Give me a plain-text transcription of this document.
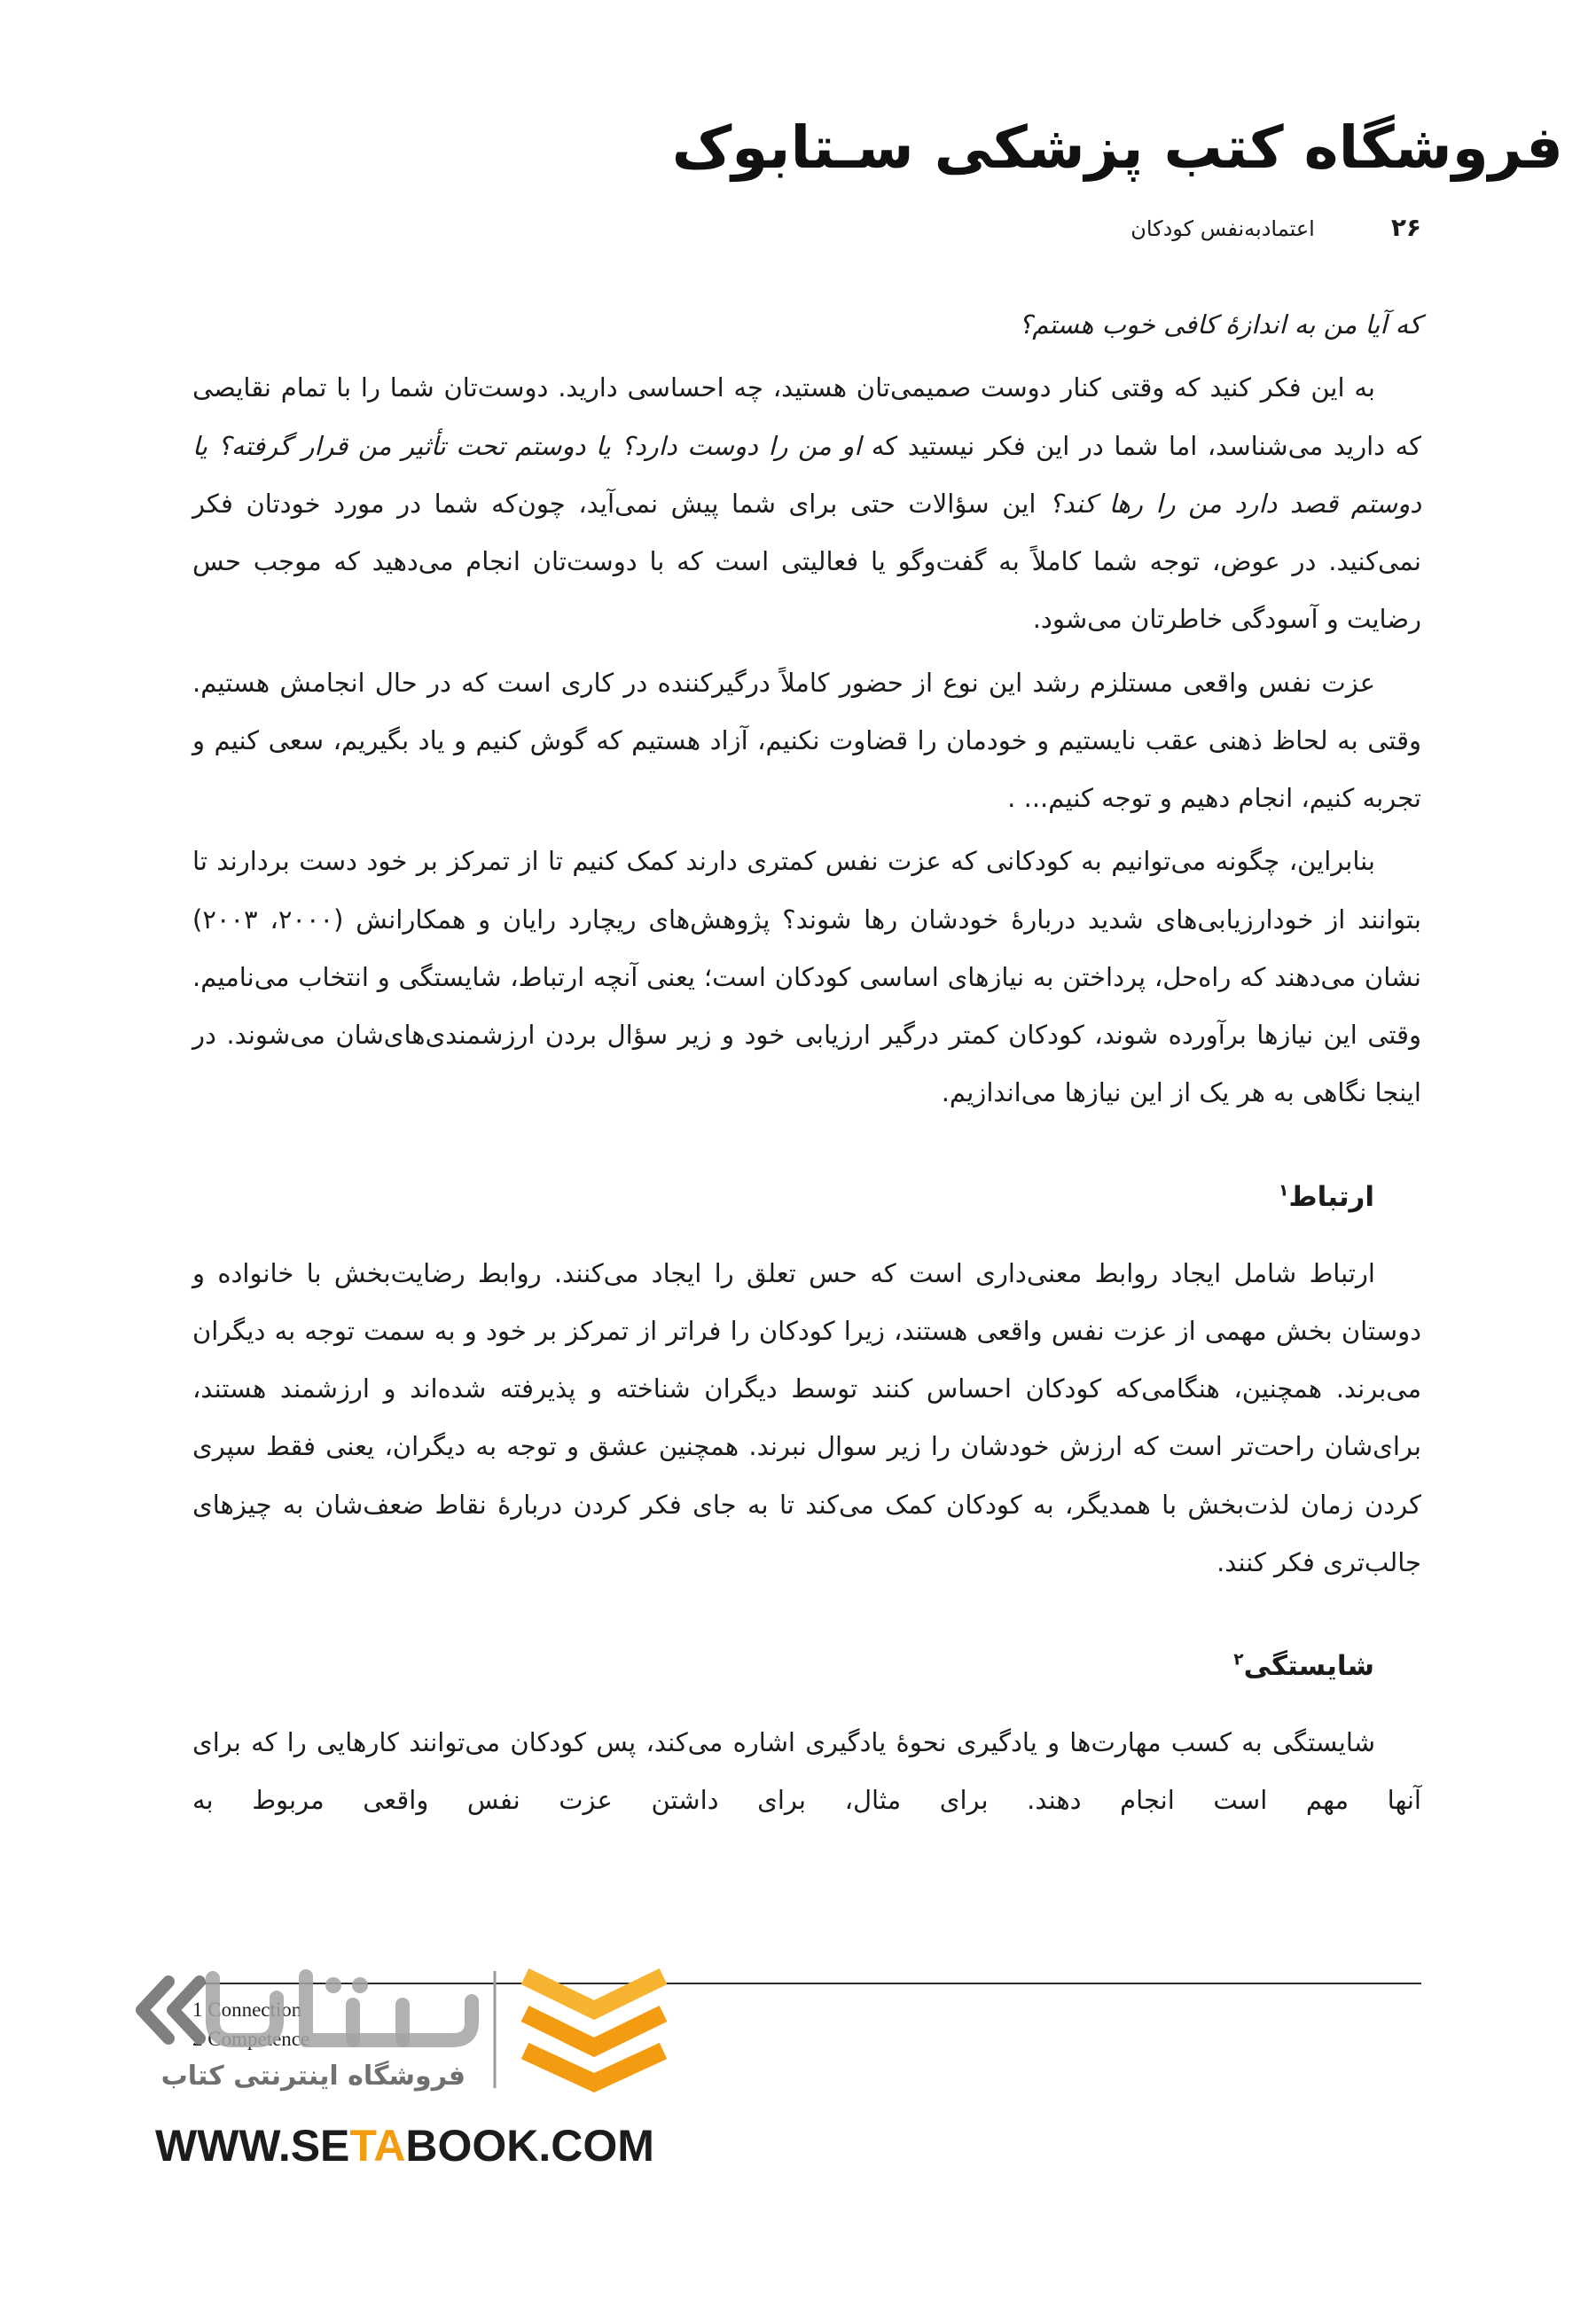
فروشگاه کتب پزشکی سـتابوک
۲۶
اعتمادبه‌نفس کودکان

که آیا من به اندازۀ کافی خوب هستم؟

به این فکر کنید که وقتی کنار دوست صمیمی‌تان هستید، چه احساسی دارید. دوست‌تان شما را با تمام نقایصی که دارید می‌شناسد، اما شما در این فکر نیستید که او من را دوست دارد؟ یا دوستم تحت تأثیر من قرار گرفته؟ یا دوستم قصد دارد من را رها کند؟ این سؤالات حتی برای شما پیش نمی‌آید، چون‌که شما در مورد خودتان فکر نمی‌کنید. در عوض، توجه شما کاملاً به گفت‌وگو یا فعالیتی است که با دوست‌تان انجام می‌دهید که موجب حس رضایت و آسودگی خاطرتان می‌شود.

عزت نفس واقعی مستلزم رشد این نوع از حضور کاملاً درگیرکننده در کاری است که در حال انجامش هستیم. وقتی به لحاظ ذهنی عقب نایستیم و خودمان را قضاوت نکنیم، آزاد هستیم که گوش کنیم و یاد بگیریم، سعی کنیم و تجربه کنیم، انجام دهیم و توجه کنیم... .

بنابراین، چگونه می‌توانیم به کودکانی که عزت نفس کمتری دارند کمک کنیم تا از تمرکز بر خود دست بردارند تا بتوانند از خودارزیابی‌های شدید دربارۀ خودشان رها شوند؟ پژوهش‌های ریچارد رایان و همکارانش (۲۰۰۰، ۲۰۰۳) نشان می‌دهند که راه‌حل، پرداختن به نیازهای اساسی کودکان است؛ یعنی آنچه ارتباط، شایستگی و انتخاب می‌نامیم. وقتی این نیازها برآورده شوند، کودکان کمتر درگیر ارزیابی خود و زیر سؤال بردن ارزشمندی‌های‌شان می‌شوند. در اینجا نگاهی به هر یک از این نیازها می‌اندازیم.

ارتباط$^۱$

ارتباط شامل ایجاد روابط معنی‌داری است که حس تعلق را ایجاد می‌کنند. روابط رضایت‌بخش با خانواده و دوستان بخش مهمی از عزت نفس واقعی هستند، زیرا کودکان را فراتر از تمرکز بر خود و به سمت توجه به دیگران می‌برند. همچنین، هنگامی‌که کودکان احساس کنند توسط دیگران شناخته و پذیرفته شده‌اند و ارزشمند هستند، برای‌شان راحت‌تر است که ارزش خودشان را زیر سوال نبرند. همچنین عشق و توجه به دیگران، یعنی فقط سپری کردن زمان لذت‌بخش با همدیگر، به کودکان کمک می‌کند تا به جای فکر کردن دربارۀ نقاط ضعف‌شان به چیزهای جالب‌تری فکر کنند.

شایستگی$^۲$

شایستگی به کسب مهارت‌ها و یادگیری نحوۀ یادگیری اشاره می‌کند، پس کودکان می‌توانند کارهایی را که برای آنها مهم است انجام دهند. برای مثال، برای داشتن عزت نفس واقعی مربوط به

1 Connection
2 Competence
فروشگاه اینترنتی کتاب
WWW.SETABOOK.COM
